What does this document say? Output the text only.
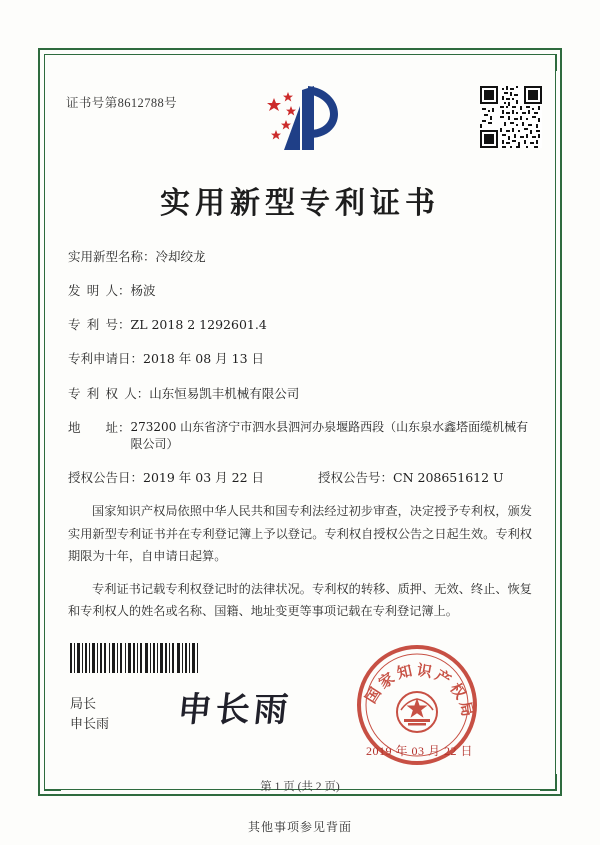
证书号第8612788号
实用新型专利证书
实用新型名称： 冷却绞龙
发  明  人： 杨波
专  利  号： ZL 2018 2 1292601.4
专利申请日： 2018 年 08 月 13 日
专  利  权  人： 山东恒易凯丰机械有限公司
地        址： 273200 山东省济宁市泗水县泗河办泉堰路西段（山东泉水鑫塔面缆机械有限公司）
授权公告日： 2019 年 03 月 22 日	授权公告号： CN 208651612 U
国家知识产权局依照中华人民共和国专利法经过初步审查，决定授予专利权，颁发实用新型专利证书并在专利登记簿上予以登记。专利权自授权公告之日起生效。专利权期限为十年，自申请日起算。
专利证书记载专利权登记时的法律状况。专利权的转移、质押、无效、终止、恢复和专利权人的姓名或名称、国籍、地址变更等事项记载在专利登记簿上。
国家知识产权局
局长
申长雨 申长雨
2019 年 03 月 22 日
第 1 页 (共 2 页)
其他事项参见背面
